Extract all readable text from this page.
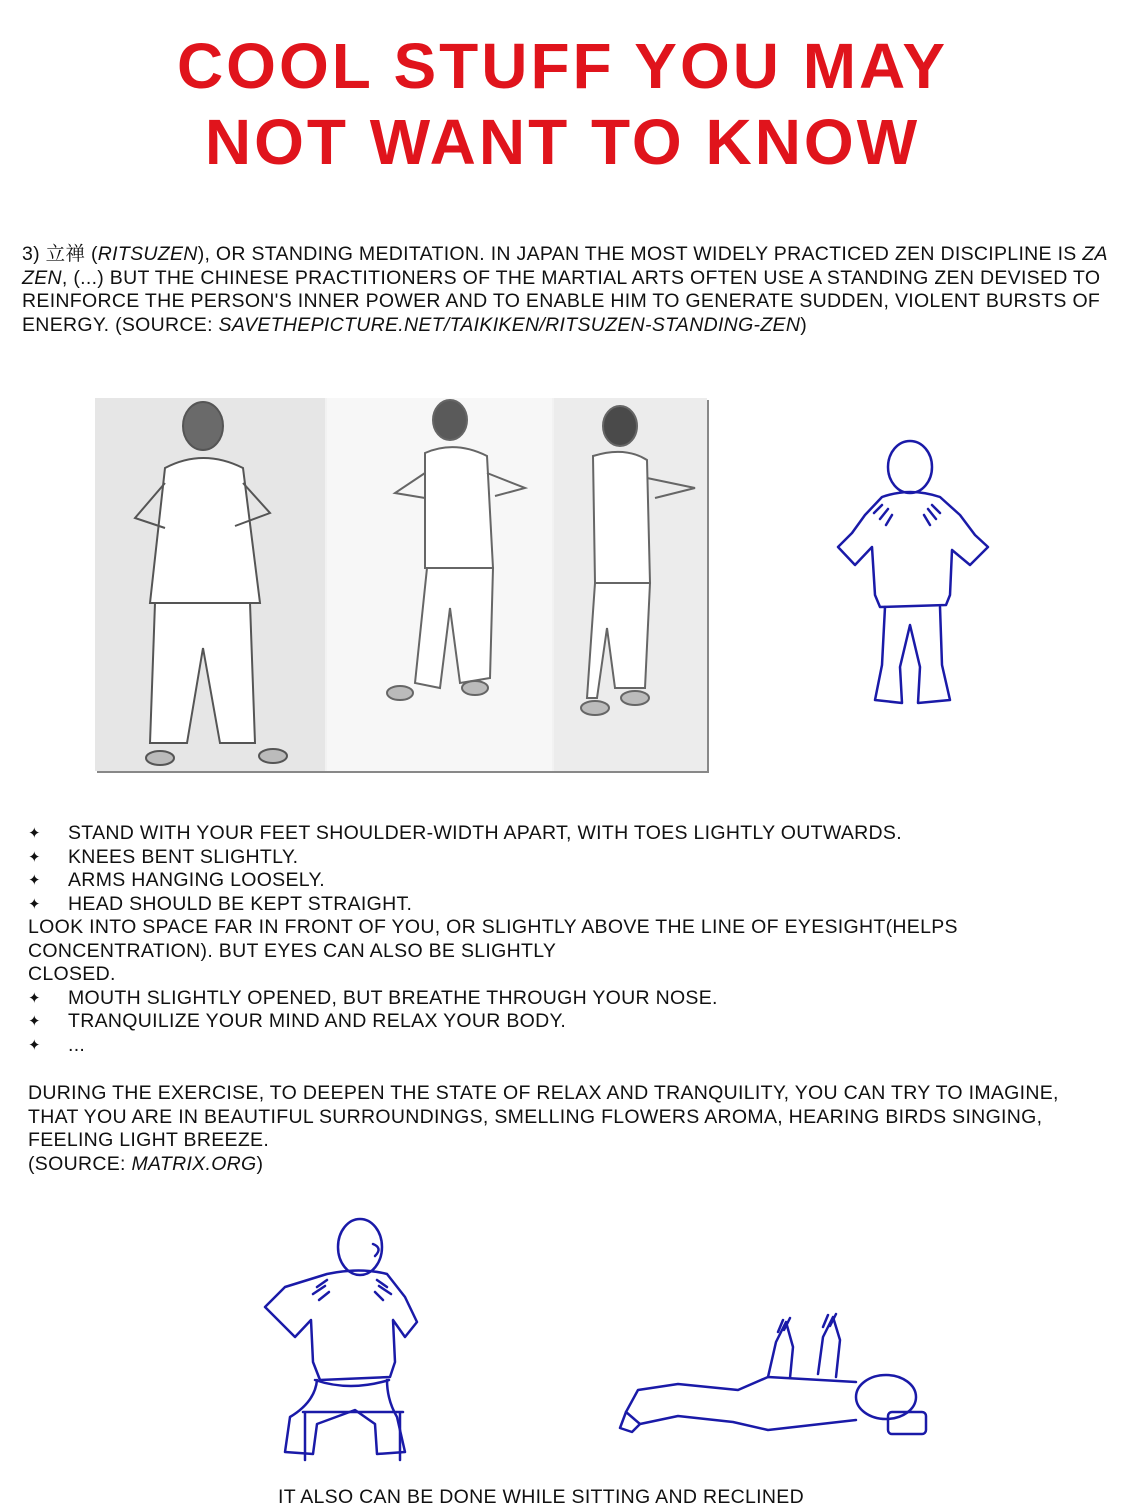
COOL STUFF YOU MAY
NOT WANT TO KNOW
3) 立禅 (RITSUZEN), OR STANDING MEDITATION. IN JAPAN THE MOST WIDELY PRACTICED ZEN DISCIPLINE IS ZA ZEN, (...) BUT THE CHINESE PRACTITIONERS OF THE MARTIAL ARTS OFTEN USE A STANDING ZEN DEVISED TO REINFORCE THE PERSON'S INNER POWER AND TO ENABLE HIM TO GENERATE SUDDEN, VIOLENT BURSTS OF ENERGY. (SOURCE: SAVETHEPICTURE.NET/TAIKIKEN/RITSUZEN-STANDING-ZEN)
✦ STAND WITH YOUR FEET SHOULDER-WIDTH APART, WITH TOES LIGHTLY OUTWARDS.
✦ KNEES BENT SLIGHTLY.
✦ ARMS HANGING LOOSELY.
✦ HEAD SHOULD BE KEPT STRAIGHT.
LOOK INTO SPACE FAR IN FRONT OF YOU, OR SLIGHTLY ABOVE THE LINE OF EYESIGHT(HELPS
CONCENTRATION). BUT EYES CAN ALSO BE SLIGHTLY
CLOSED.
✦ MOUTH SLIGHTLY OPENED, BUT BREATHE THROUGH YOUR NOSE.
✦ TRANQUILIZE YOUR MIND AND RELAX YOUR BODY.
✦ ...
DURING THE EXERCISE, TO DEEPEN THE STATE OF RELAX AND TRANQUILITY, YOU CAN TRY TO IMAGINE, THAT YOU ARE IN BEAUTIFUL SURROUNDINGS, SMELLING FLOWERS AROMA, HEARING BIRDS SINGING, FEELING LIGHT BREEZE.
(SOURCE: MATRIX.ORG)
IT ALSO CAN BE DONE WHILE SITTING AND RECLINED
